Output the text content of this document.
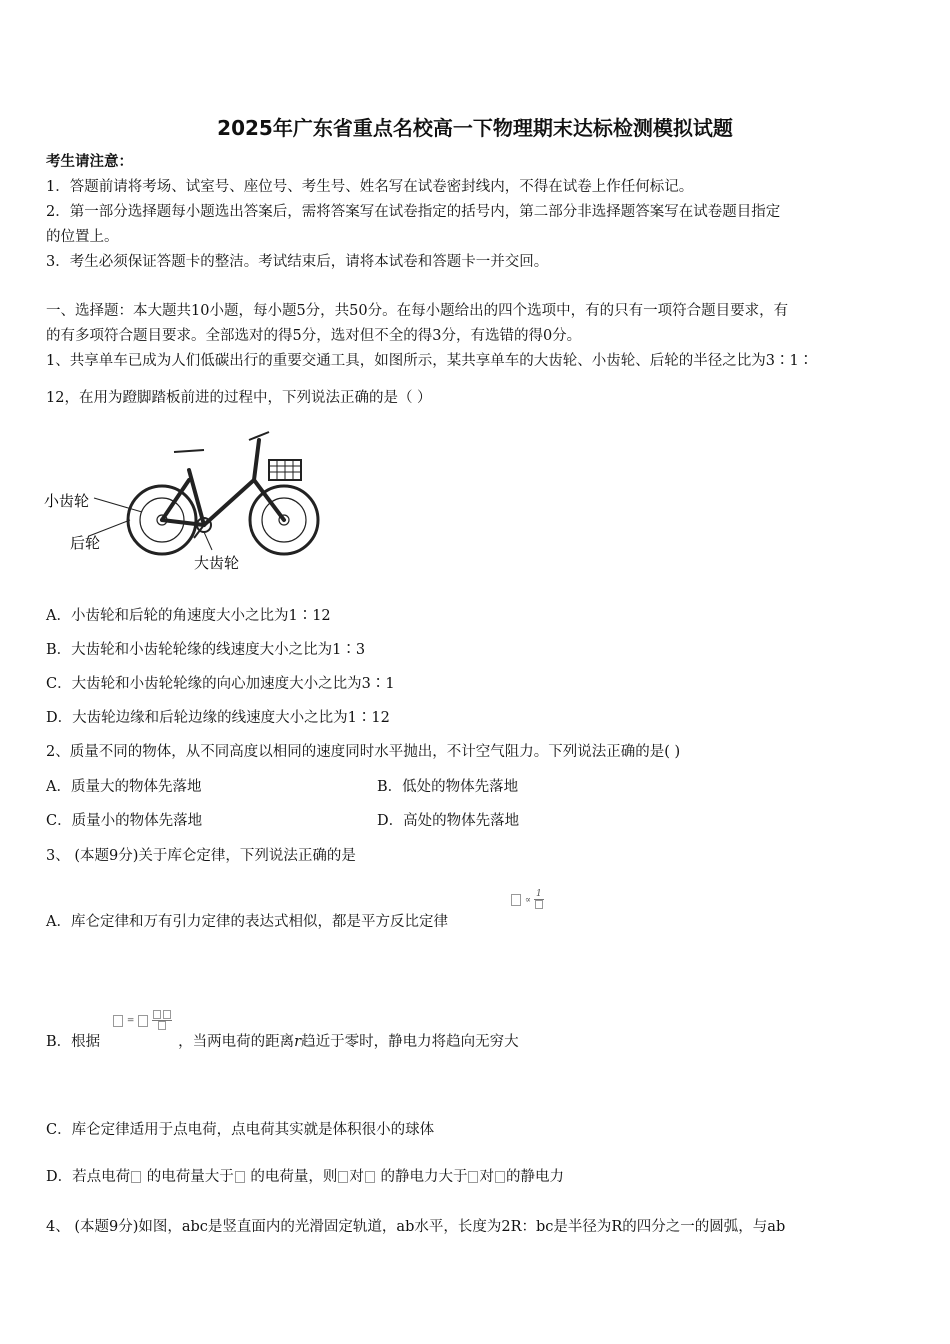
2025年广东省重点名校高一下物理期末达标检测模拟试题
考生请注意：
1．答题前请将考场、试室号、座位号、考生号、姓名写在试卷密封线内，不得在试卷上作任何标记。
2．第一部分选择题每小题选出答案后，需将答案写在试卷指定的括号内，第二部分非选择题答案写在试卷题目指定
的位置上。
3．考生必须保证答题卡的整洁。考试结束后，请将本试卷和答题卡一并交回。
一、选择题：本大题共10小题，每小题5分，共50分。在每小题给出的四个选项中，有的只有一项符合题目要求，有
的有多项符合题目要求。全部选对的得5分，选对但不全的得3分，有选错的得0分。
1、共享单车已成为人们低碳出行的重要交通工具，如图所示，某共享单车的大齿轮、小齿轮、后轮的半径之比为3∶1∶
12，在用为蹬脚踏板前进的过程中，下列说法正确的是（ ）
小齿轮
后轮
大齿轮
A．小齿轮和后轮的角速度大小之比为1∶12
B．大齿轮和小齿轮轮缘的线速度大小之比为1∶3
C．大齿轮和小齿轮轮缘的向心加速度大小之比为3∶1
D．大齿轮边缘和后轮边缘的线速度大小之比为1∶12
2、质量不同的物体，从不同高度以相同的速度同时水平抛出，不计空气阻力。下列说法正确的是( )
A．质量大的物体先落地	B．低处的物体先落地
C．质量小的物体先落地	D．高处的物体先落地
3、 (本题9分)关于库仑定律，下列说法正确的是
∝
1
A．库仑定律和万有引力定律的表达式相似，都是平方反比定律
=
B．根据	，当两电荷的距离r趋近于零时，静电力将趋向无穷大
C．库仑定律适用于点电荷，点电荷其实就是体积很小的球体
D．若点电荷 的电荷量大于 的电荷量，则 对 的静电力大于 对 的静电力
4、 (本题9分)如图，abc是竖直面内的光滑固定轨道，ab水平，长度为2R：bc是半径为R的四分之一的圆弧，与ab
